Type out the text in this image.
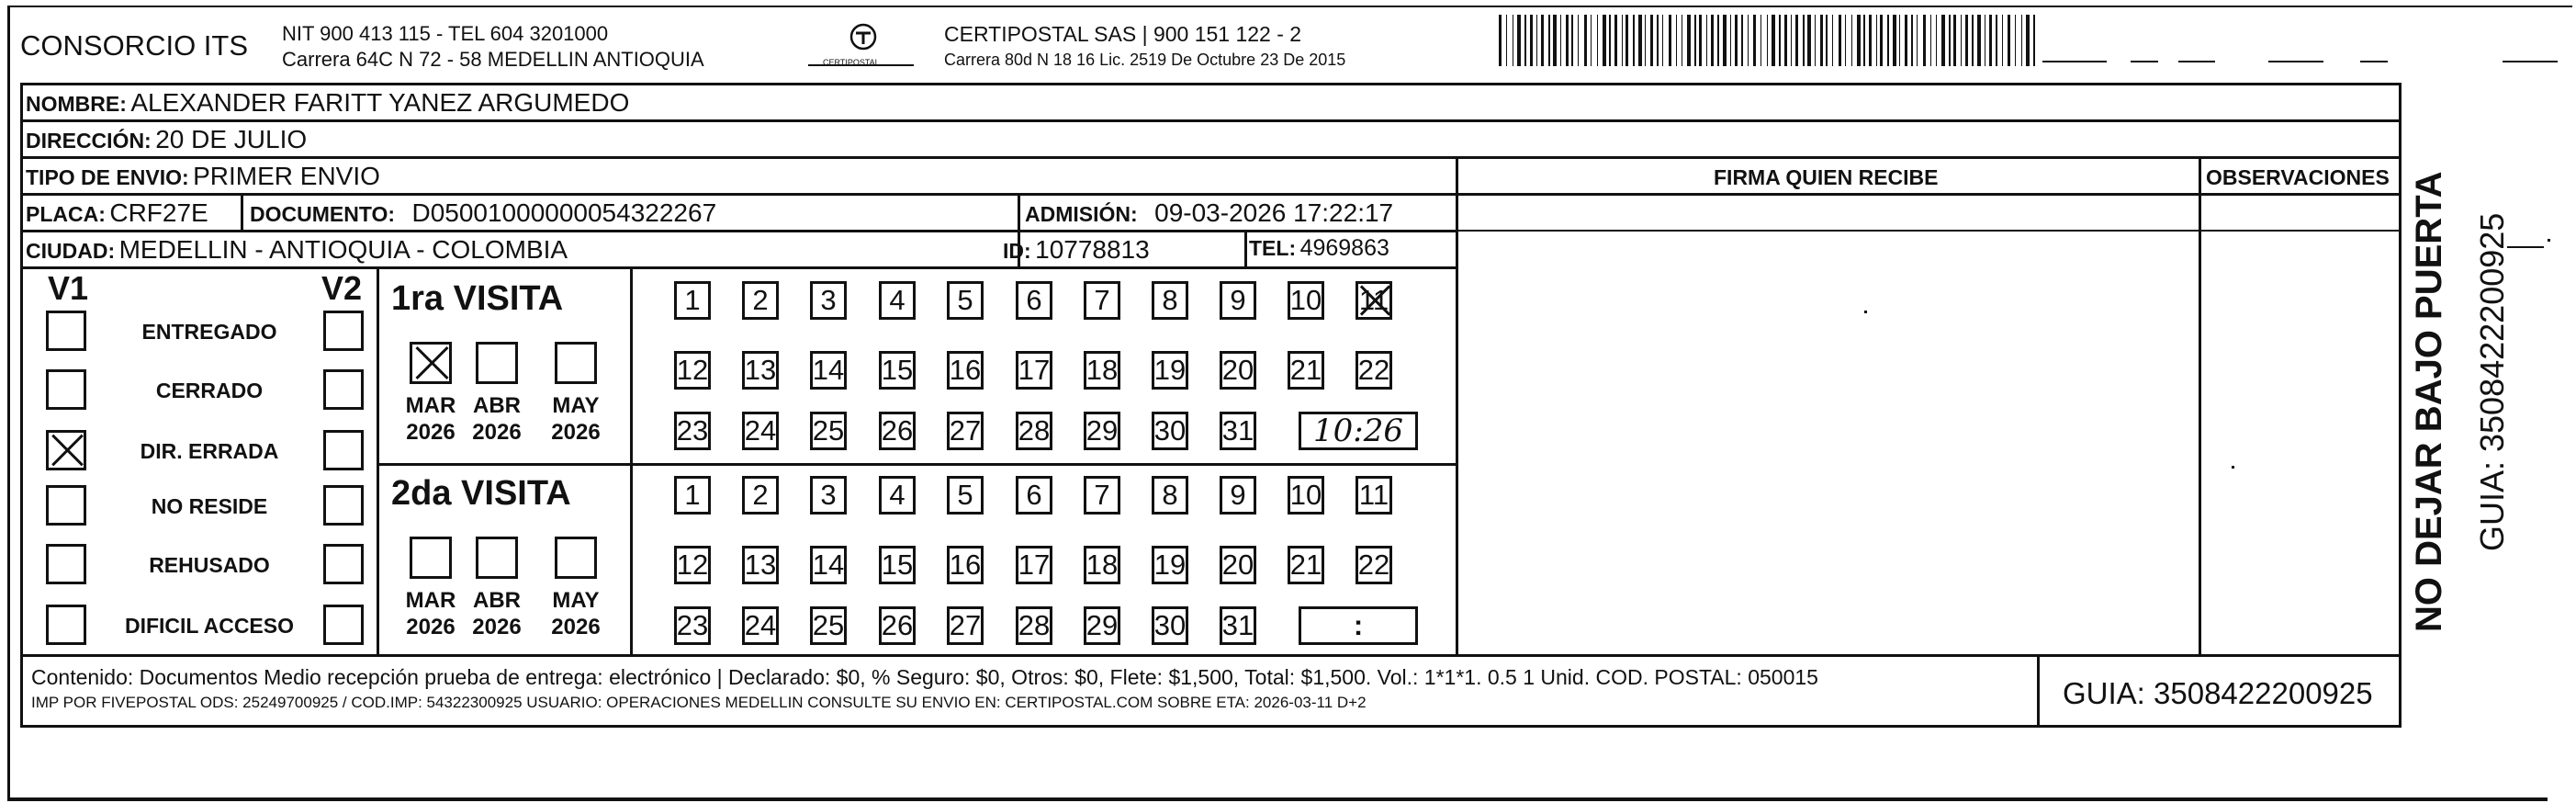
CONSORCIO ITS NIT 900 413 115 - TEL 604 3201000
Carrera 64C N 72 - 58 MEDELLIN ANTIOQUIA	CERTIPOSTAL
CERTIPOSTAL SAS | 900 151 122 - 2
Carrera 80d N 18 16 Lic. 2519 De Octubre 23 De 2015
NOMBRE: ALEXANDER FARITT YANEZ ARGUMEDO
DIRECCIÓN: 20 DE JULIO
TIPO DE ENVIO: PRIMER ENVIO	FIRMA QUIEN RECIBE	OBSERVACIONES
PLACA: CRF27E DOCUMENTO: D05001000000054322267	ADMISIÓN: 09-03-2026 17:22:17
CIUDAD: MEDELLIN - ANTIOQUIA - COLOMBIA	ID: 10778813	TEL: 4969863
V1	V2
ENTREGADO
CERRADO
DIR. ERRADA
NO RESIDE
REHUSADO
DIFICIL ACCESO
1ra VISITA
2da VISITA
MAR
2026
ABR
2026
MAY
2026
1	2	3	4	5	6	7	8	9	10 11
12 13 14 15 16 17 18 19 20 21 22
23 24 25 26 27 28 29 30 31	10:26
MAR
2026
ABR
2026
MAY
2026
1	2	3	4	5	6	7	8	9	10 11
12 13 14 15 16 17 18 19 20 21 22
23 24 25 26 27 28 29 30 31	:
Contenido: Documentos Medio recepción prueba de entrega: electrónico | Declarado: $0, % Seguro: $0, Otros: $0, Flete: $1,500, Total: $1,500. Vol.: 1*1*1. 0.5 1 Unid. COD. POSTAL: 050015
IMP POR FIVEPOSTAL ODS: 25249700925 / COD.IMP: 54322300925 USUARIO: OPERACIONES MEDELLIN CONSULTE SU ENVIO EN: CERTIPOSTAL.COM SOBRE ETA: 2026-03-11 D+2	GUIA: 3508422200925
NO DEJAR BAJO PUERTA GUIA: 3508422200925
